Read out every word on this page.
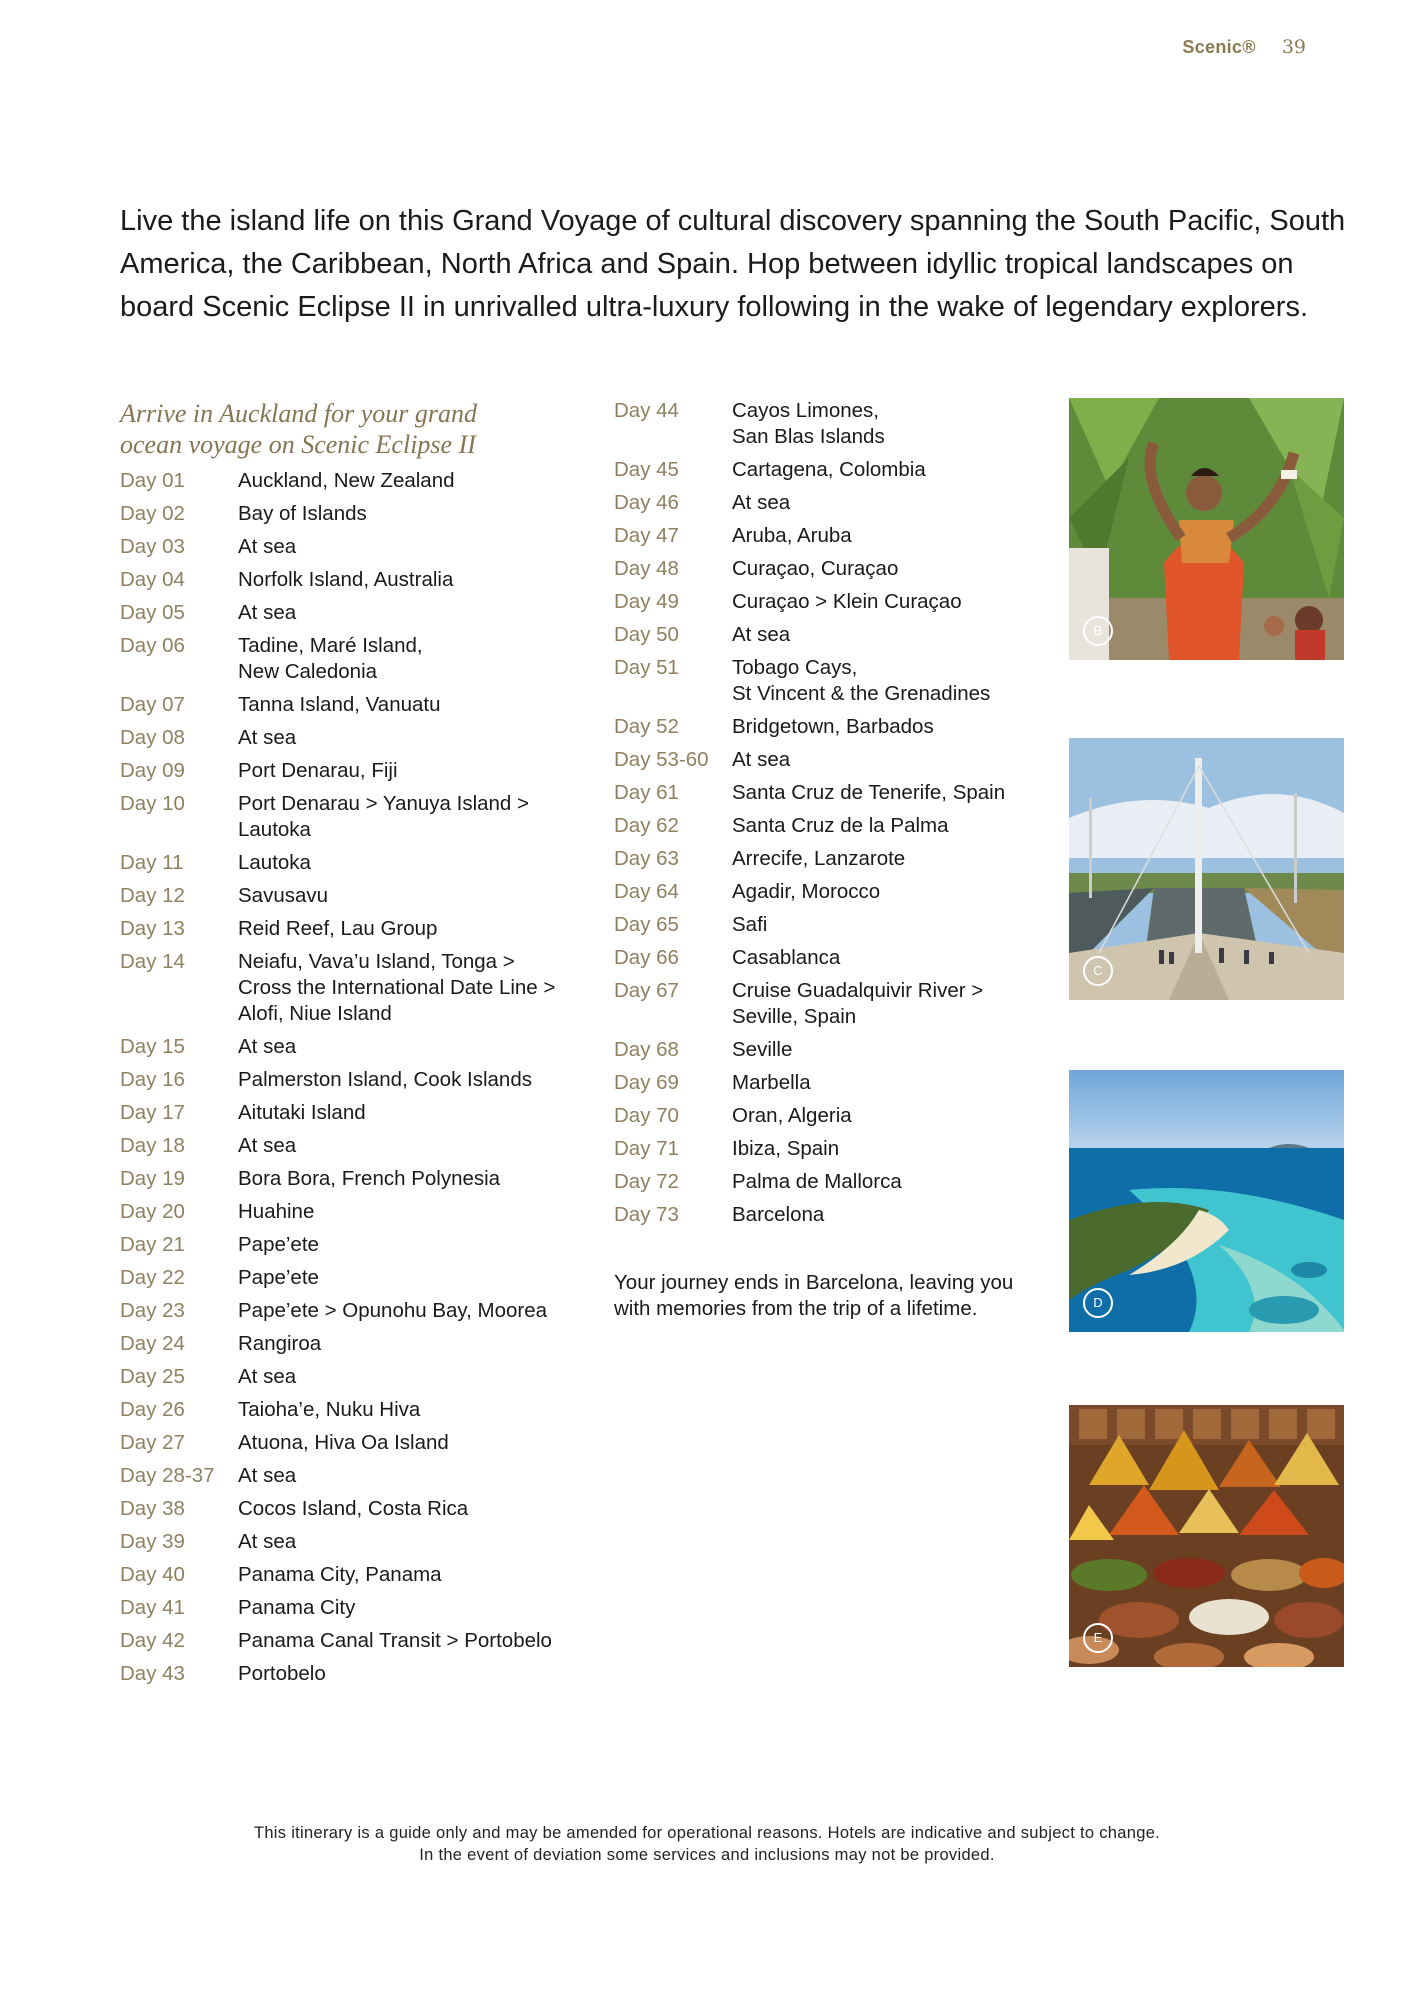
Scenic® 39

Live the island life on this Grand Voyage of cultural discovery spanning the South Pacific, South America, the Caribbean, North Africa and Spain. Hop between idyllic tropical landscapes on board Scenic Eclipse II in unrivalled ultra-luxury following in the wake of legendary explorers.

Arrive in Auckland for your grand ocean voyage on Scenic Eclipse II

Day 01	Auckland, New Zealand
Day 02	Bay of Islands
Day 03	At sea
Day 04	Norfolk Island, Australia
Day 05	At sea
Day 06	Tadine, Maré Island,
New Caledonia
Day 07	Tanna Island, Vanuatu
Day 08	At sea
Day 09	Port Denarau, Fiji
Day 10	Port Denarau > Yanuya Island >
Lautoka
Day 11	Lautoka
Day 12	Savusavu
Day 13	Reid Reef, Lau Group
Day 14	Neiafu, Vava’u Island, Tonga >
Cross the International Date Line >
Alofi, Niue Island
Day 15	At sea
Day 16	Palmerston Island, Cook Islands
Day 17	Aitutaki Island
Day 18	At sea
Day 19	Bora Bora, French Polynesia
Day 20	Huahine
Day 21	Pape’ete
Day 22	Pape’ete
Day 23	Pape’ete > Opunohu Bay, Moorea
Day 24	Rangiroa
Day 25	At sea
Day 26	Taioha’e, Nuku Hiva
Day 27	Atuona, Hiva Oa Island
Day 28-37	At sea
Day 38	Cocos Island, Costa Rica
Day 39	At sea
Day 40	Panama City, Panama
Day 41	Panama City
Day 42	Panama Canal Transit > Portobelo
Day 43	Portobelo
Day 44	Cayos Limones,
San Blas Islands
Day 45	Cartagena, Colombia
Day 46	At sea
Day 47	Aruba, Aruba
Day 48	Curaçao, Curaçao
Day 49	Curaçao > Klein Curaçao
Day 50	At sea
Day 51	Tobago Cays,
St Vincent & the Grenadines
Day 52	Bridgetown, Barbados
Day 53-60	At sea
Day 61	Santa Cruz de Tenerife, Spain
Day 62	Santa Cruz de la Palma
Day 63	Arrecife, Lanzarote
Day 64	Agadir, Morocco
Day 65	Safi
Day 66	Casablanca
Day 67	Cruise Guadalquivir River >
Seville, Spain
Day 68	Seville
Day 69	Marbella
Day 70	Oran, Algeria
Day 71	Ibiza, Spain
Day 72	Palma de Mallorca
Day 73	Barcelona

Your journey ends in Barcelona, leaving you with memories from the trip of a lifetime.

B
C
D
E

This itinerary is a guide only and may be amended for operational reasons. Hotels are indicative and subject to change.

In the event of deviation some services and inclusions may not be provided.
